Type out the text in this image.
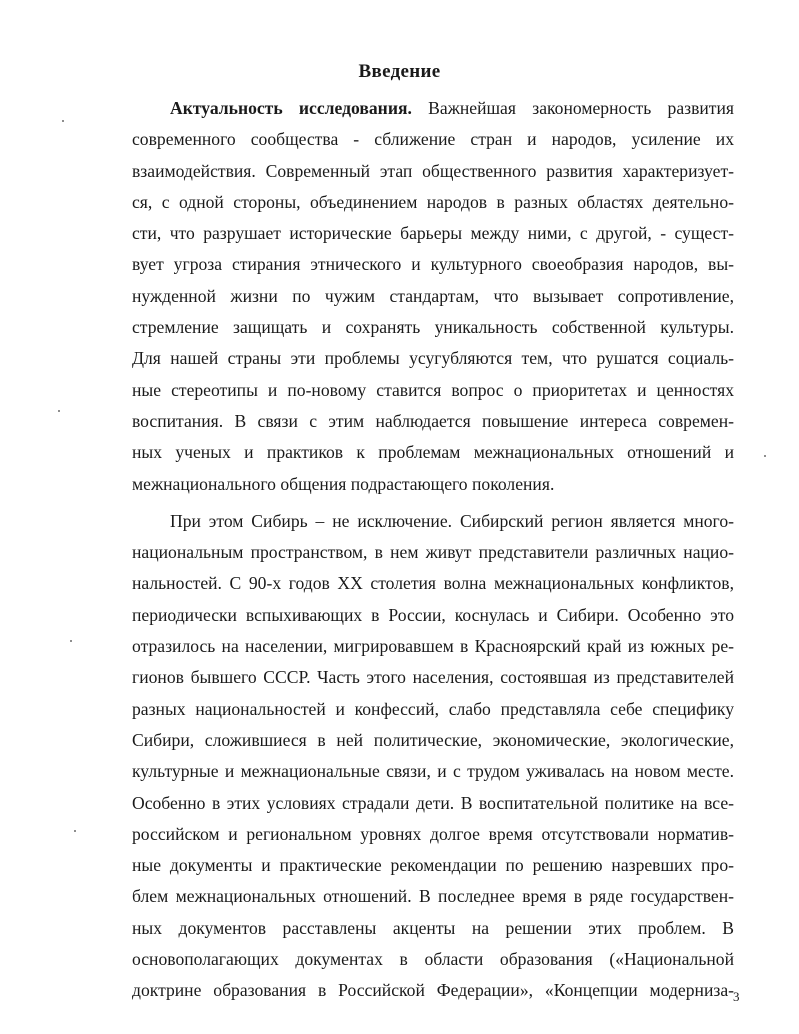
Введение
Актуальность исследования. Важнейшая закономерность развития
современного сообщества - сближение стран и народов, усиление их
взаимодействия. Современный этап общественного развития характеризует-
ся, с одной стороны, объединением народов в разных областях деятельно-
сти, что разрушает исторические барьеры между ними, с другой, - сущест-
вует угроза стирания этнического и культурного своеобразия народов, вы-
нужденной жизни по чужим стандартам, что вызывает сопротивление,
стремление защищать и сохранять уникальность собственной культуры.
Для нашей страны эти проблемы усугубляются тем, что рушатся социаль-
ные стереотипы и по-новому ставится вопрос о приоритетах и ценностях
воспитания. В связи с этим наблюдается повышение интереса современ-
ных ученых и практиков к проблемам межнациональных отношений и
межнационального общения подрастающего поколения.
При этом Сибирь – не исключение. Сибирский регион является много-
национальным пространством, в нем живут представители различных нацио-
нальностей. С 90-х годов XX столетия волна межнациональных конфликтов,
периодически вспыхивающих в России, коснулась и Сибири. Особенно это
отразилось на населении, мигрировавшем в Красноярский край из южных ре-
гионов бывшего СССР. Часть этого населения, состоявшая из представителей
разных национальностей и конфессий, слабо представляла себе специфику
Сибири, сложившиеся в ней политические, экономические, экологические,
культурные и межнациональные связи, и с трудом уживалась на новом месте.
Особенно в этих условиях страдали дети. В воспитательной политике на все-
российском и региональном уровнях долгое время отсутствовали норматив-
ные документы и практические рекомендации по решению назревших про-
блем межнациональных отношений. В последнее время в ряде государствен-
ных документов расставлены акценты на решении этих проблем. В
основополагающих документах в области образования («Национальной
доктрине образования в Российской Федерации», «Концепции модерниза- 3
